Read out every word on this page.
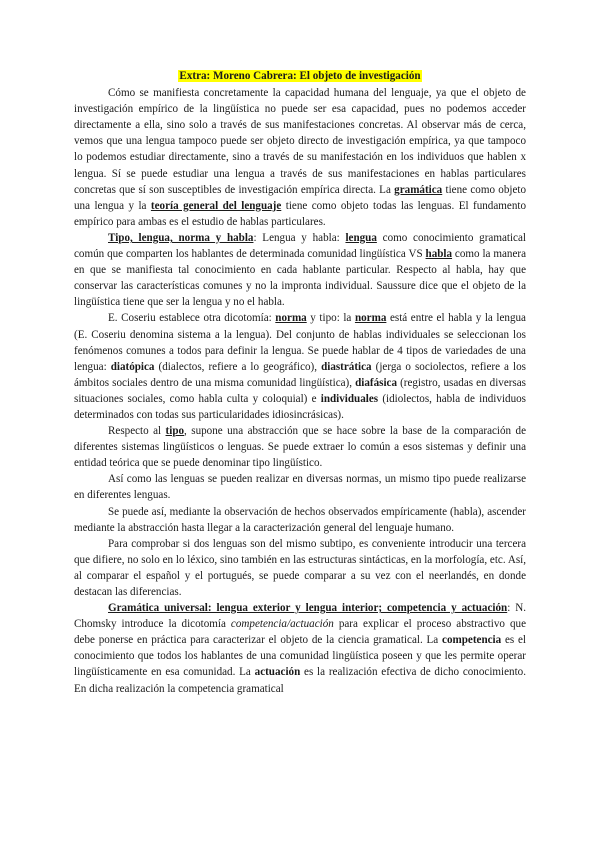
Extra: Moreno Cabrera: El objeto de investigación

Cómo se manifiesta concretamente la capacidad humana del lenguaje, ya que el objeto de investigación empírico de la lingüística no puede ser esa capacidad, pues no podemos acceder directamente a ella, sino solo a través de sus manifestaciones concretas. Al observar más de cerca, vemos que una lengua tampoco puede ser objeto directo de investigación empírica, ya que tampoco lo podemos estudiar directamente, sino a través de su manifestación en los individuos que hablen x lengua. Sí se puede estudiar una lengua a través de sus manifestaciones en hablas particulares concretas que sí son susceptibles de investigación empírica directa. La gramática tiene como objeto una lengua y la teoría general del lenguaje tiene como objeto todas las lenguas. El fundamento empírico para ambas es el estudio de hablas particulares.

Tipo, lengua, norma y habla: Lengua y habla: lengua como conocimiento gramatical común que comparten los hablantes de determinada comunidad lingüística VS habla como la manera en que se manifiesta tal conocimiento en cada hablante particular. Respecto al habla, hay que conservar las características comunes y no la impronta individual. Saussure dice que el objeto de la lingüística tiene que ser la lengua y no el habla.

E. Coseriu establece otra dicotomía: norma y tipo: la norma está entre el habla y la lengua (E. Coseriu denomina sistema a la lengua). Del conjunto de hablas individuales se seleccionan los fenómenos comunes a todos para definir la lengua. Se puede hablar de 4 tipos de variedades de una lengua: diatópica (dialectos, refiere a lo geográfico), diastrática (jerga o sociolectos, refiere a los ámbitos sociales dentro de una misma comunidad lingüística), diafásica (registro, usadas en diversas situaciones sociales, como habla culta y coloquial) e individuales (idiolectos, habla de individuos determinados con todas sus particularidades idiosincrásicas).

Respecto al tipo, supone una abstracción que se hace sobre la base de la comparación de diferentes sistemas lingüísticos o lenguas. Se puede extraer lo común a esos sistemas y definir una entidad teórica que se puede denominar tipo lingüístico.

Así como las lenguas se pueden realizar en diversas normas, un mismo tipo puede realizarse en diferentes lenguas.

Se puede así, mediante la observación de hechos observados empíricamente (habla), ascender mediante la abstracción hasta llegar a la caracterización general del lenguaje humano.

Para comprobar si dos lenguas son del mismo subtipo, es conveniente introducir una tercera que difiere, no solo en lo léxico, sino también en las estructuras sintácticas, en la morfología, etc. Así, al comparar el español y el portugués, se puede comparar a su vez con el neerlandés, en donde destacan las diferencias.

Gramática universal: lengua exterior y lengua interior; competencia y actuación: N. Chomsky introduce la dicotomía competencia/actuación para explicar el proceso abstractivo que debe ponerse en práctica para caracterizar el objeto de la ciencia gramatical. La competencia es el conocimiento que todos los hablantes de una comunidad lingüística poseen y que les permite operar lingüísticamente en esa comunidad. La actuación es la realización efectiva de dicho conocimiento. En dicha realización la competencia gramatical
